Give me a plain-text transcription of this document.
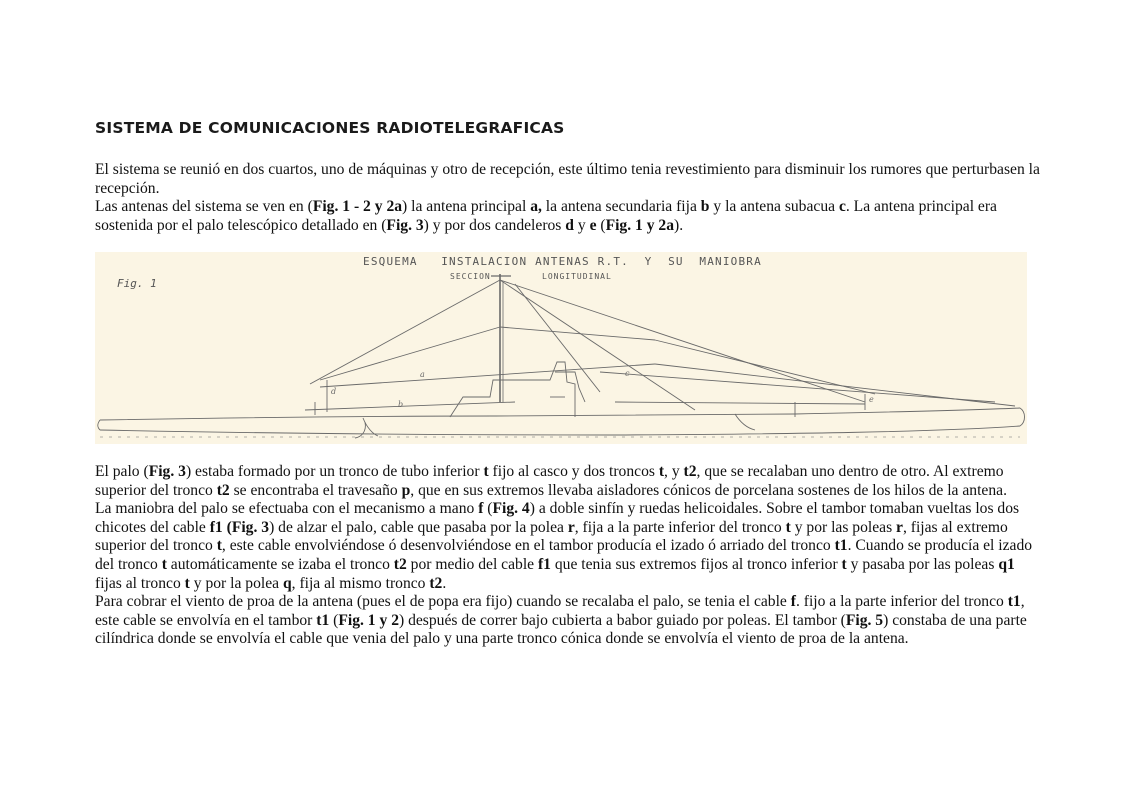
SISTEMA DE COMUNICACIONES RADIOTELEGRAFICAS
El sistema se reunió en dos cuartos, uno de máquinas y otro de recepción, este último tenia revestimiento para disminuir los rumores que perturbasen la recepción.
Las antenas del sistema se ven en (Fig. 1 - 2 y 2a) la antena principal a, la antena secundaria fija b y la antena subacua c. La antena principal era sostenida por el palo telescópico detallado en (Fig. 3) y por dos candeleros d y e (Fig. 1 y 2a).
ESQUEMA   INSTALACION ANTENAS R.T.  Y  SU  MANIOBRA
SECCION	LONGITUDINAL
Fig. 1
a
b
c
d
e
El palo (Fig. 3) estaba formado por un tronco de tubo inferior t fijo al casco y dos troncos t, y t2, que se recalaban uno dentro de otro. Al extremo superior del tronco t2 se encontraba el travesaño p, que en sus extremos llevaba aisladores cónicos de porcelana sostenes de los hilos de la antena.
La maniobra del palo se efectuaba con el mecanismo a mano f (Fig. 4) a doble sinfín y ruedas helicoidales. Sobre el tambor tomaban vueltas los dos chicotes del cable f1 (Fig. 3) de alzar el palo, cable que pasaba por la polea r, fija a la parte inferior del tronco t y por las poleas r, fijas al extremo superior del tronco t, este cable envolviéndose ó desenvolviéndose en el tambor producía el izado ó arriado del tronco t1. Cuando se producía el izado del tronco t automáticamente se izaba el tronco t2 por medio del cable f1 que tenia sus extremos fijos al tronco inferior t y pasaba por las poleas q1 fijas al tronco t y por la polea q, fija al mismo tronco t2.
Para cobrar el viento de proa de la antena (pues el de popa era fijo) cuando se recalaba el palo, se tenia el cable f. fijo a la parte inferior del tronco t1, este cable se envolvía en el tambor t1 (Fig. 1 y 2) después de correr bajo cubierta a babor guiado por poleas. El tambor (Fig. 5) constaba de una parte cilíndrica donde se envolvía el cable que venia del palo y una parte tronco cónica donde se envolvía el viento de proa de la antena.
